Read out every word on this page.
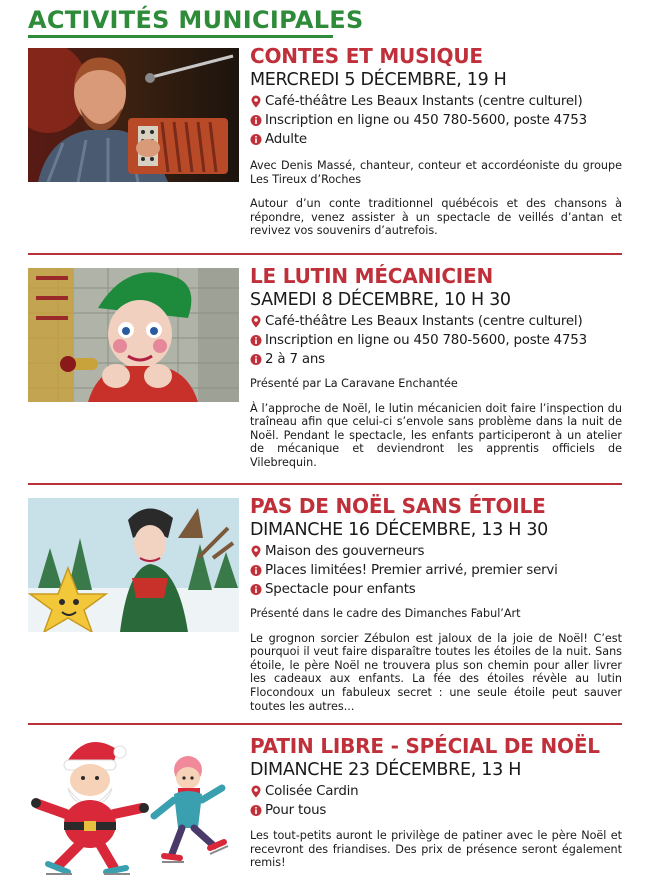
ACTIVITÉS MUNICIPALES
CONTES ET MUSIQUE
MERCREDI 5 DÉCEMBRE, 19 H
Café-théâtre Les Beaux Instants (centre culturel)
Inscription en ligne ou 450 780-5600, poste 4753
Adulte
Avec Denis Massé, chanteur, conteur et accordéoniste du groupe Les Tireux d’Roches
Autour d’un conte traditionnel québécois et des chansons à répondre, venez assister à un spectacle de veillés d’antan et revivez vos souvenirs d’autrefois.
LE LUTIN MÉCANICIEN
SAMEDI 8 DÉCEMBRE, 10 H 30
Café-théâtre Les Beaux Instants (centre culturel)
Inscription en ligne ou 450 780-5600, poste 4753
2 à 7 ans
Présenté par La Caravane Enchantée
À l’approche de Noël, le lutin mécanicien doit faire l’inspection du traîneau afin que celui-ci s’envole sans problème dans la nuit de Noël. Pendant le spectacle, les enfants participeront à un atelier de mécanique et deviendront les apprentis officiels de Vilebrequin.
PAS DE NOËL SANS ÉTOILE
DIMANCHE 16 DÉCEMBRE, 13 H 30
Maison des gouverneurs
Places limitées! Premier arrivé, premier servi
Spectacle pour enfants
Présenté dans le cadre des Dimanches Fabul’Art
Le grognon sorcier Zébulon est jaloux de la joie de Noël! C’est pourquoi il veut faire disparaître toutes les étoiles de la nuit. Sans étoile, le père Noël ne trouvera plus son chemin pour aller livrer les cadeaux aux enfants. La fée des étoiles révèle au lutin Flocondoux un fabuleux secret : une seule étoile peut sauver toutes les autres...
PATIN LIBRE - SPÉCIAL DE NOËL
DIMANCHE 23 DÉCEMBRE, 13 H
Colisée Cardin
Pour tous
Les tout-petits auront le privilège de patiner avec le père Noël et recevront des friandises. Des prix de présence seront également remis!
